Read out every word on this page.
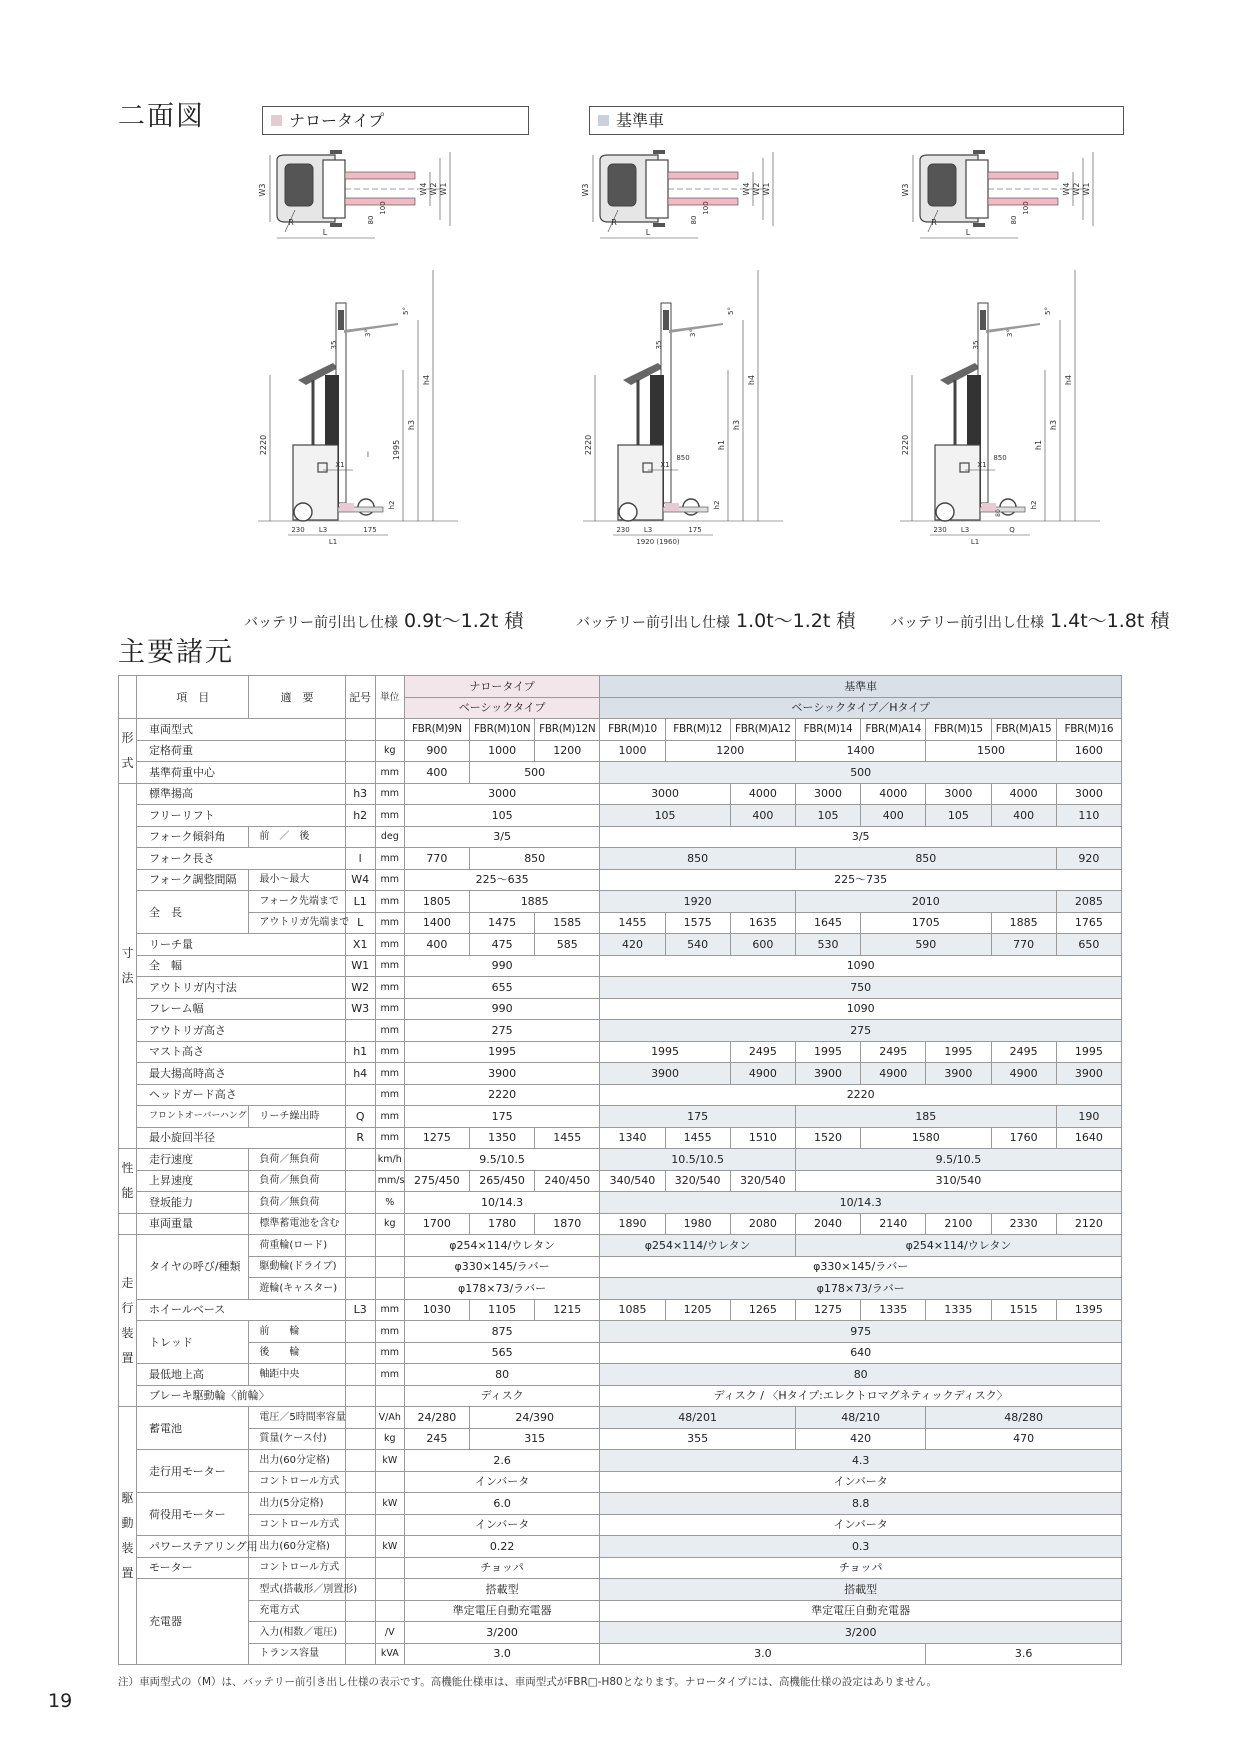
二面図
主要諸元
ナロータイプ	基準車
W4 W2 W1
W3
L
R
100
80
W4 W2 W1
W3
L
R
100
80
W4 W2 W1
W3
L
R
100
80
2220
h4
h3
1995
h2
X1
l
230 L3	175
L1
3°
5°
35
2220
h4
h3
h1
h2
X1
850
230 L3	175
1920 (1960)
3°
5°
35
2220
h4
h3
h1
h2
X1
850
230 L3	Q
L1
3°
5°
35
80
バッテリー前引出し仕様 0.9t〜1.2t 積	バッテリー前引出し仕様 1.0t〜1.2t 積 バッテリー前引出し仕様 1.4t〜1.8t 積
	項　目	適　要	記号	単位	ナロータイプ			基準車							
					ベーシックタイプ			ベーシックタイプ／Hタイプ							
形式	車両型式				FBR(M)9N	FBR(M)10N	FBR(M)12N	FBR(M)10	FBR(M)12	FBR(M)A12	FBR(M)14	FBR(M)A14	FBR(M)15	FBR(M)A15	FBR(M)16
	定格荷重			kg	900	1000	1200	1000	1200		1400		1500		1600
	基準荷重中心			mm	400	500		500							
寸法	標準揚高		h3	mm	3000			3000		4000	3000	4000	3000	4000	3000
	フリーリフト		h2	mm	105			105		400	105	400	105	400	110
	フォーク傾斜角	前　／　後		deg	3/5			3/5							
	フォーク長さ		l	mm	770	850		850			850				920
	フォーク調整間隔	最小〜最大	W4	mm	225〜635			225〜735							
	全　長	フォーク先端まで	L1	mm	1805	1885		1920			2010				2085
		アウトリガ先端まで	L	mm	1400	1475	1585	1455	1575	1635	1645	1705		1885	1765
	リーチ量		X1	mm	400	475	585	420	540	600	530	590		770	650
	全　幅		W1	mm	990			1090							
	アウトリガ内寸法		W2	mm	655			750							
	フレーム幅		W3	mm	990			1090							
	アウトリガ高さ			mm	275			275							
	マスト高さ		h1	mm	1995			1995		2495	1995	2495	1995	2495	1995
	最大揚高時高さ		h4	mm	3900			3900		4900	3900	4900	3900	4900	3900
	ヘッドガード高さ			mm	2220			2220							
	フロントオーバーハング	リーチ繰出時	Q	mm	175			175			185				190
	最小旋回半径		R	mm	1275	1350	1455	1340	1455	1510	1520	1580		1760	1640
性能	走行速度	負荷／無負荷		km/h	9.5/10.5			10.5/10.5			9.5/10.5				
	上昇速度	負荷／無負荷		mm/s	275/450	265/450	240/450	340/540	320/540	320/540	310/540				
	登坂能力	負荷／無負荷		%	10/14.3			10/14.3							
	車両重量	標準蓄電池を含む		kg	1700	1780	1870	1890	1980	2080	2040	2140	2100	2330	2120
走行装置	タイヤの呼び/種類	荷重輪(ロード)			φ254×114/ウレタン			φ254×114/ウレタン			φ254×114/ウレタン				
		駆動輪(ドライブ)			φ330×145/ラバー			φ330×145/ラバー							
		遊輪(キャスター)			φ178×73/ラバー			φ178×73/ラバー							
	ホイールベース		L3	mm	1030	1105	1215	1085	1205	1265	1275	1335	1335	1515	1395
	トレッド	前　　輪		mm	875			975							
		後　　輪		mm	565			640							
	最低地上高	軸距中央		mm	80			80							
	ブレーキ駆動輪〈前輪〉				ディスク			ディスク / 〈Hタイプ:エレクトロマグネティックディスク〉							
駆動装置	蓄電池	電圧／5時間率容量		V/Ah	24/280	24/390		48/201			48/210		48/280		
		質量(ケース付)		kg	245	315		355			420		470		
	走行用モーター	出力(60分定格)		kW	2.6			4.3							
		コントロール方式			インバータ			インバータ							
	荷役用モーター	出力(5分定格)		kW	6.0			8.8							
		コントロール方式			インバータ			インバータ							
	パワーステアリング用	出力(60分定格)		kW	0.22			0.3							
	モーター	コントロール方式			チョッパ			チョッパ							
	充電器	型式(搭載形／別置形)			搭載型			搭載型							
		充電方式			準定電圧自動充電器			準定電圧自動充電器							
		入力(相数／電圧)		/V	3/200			3/200							
		トランス容量		kVA	3.0			3.0					3.6		
注）車両型式の（M）は、バッテリー前引き出し仕様の表示です。高機能仕様車は、車両型式がFBR□-H80となります。ナロータイプには、高機能仕様の設定はありません。
19
